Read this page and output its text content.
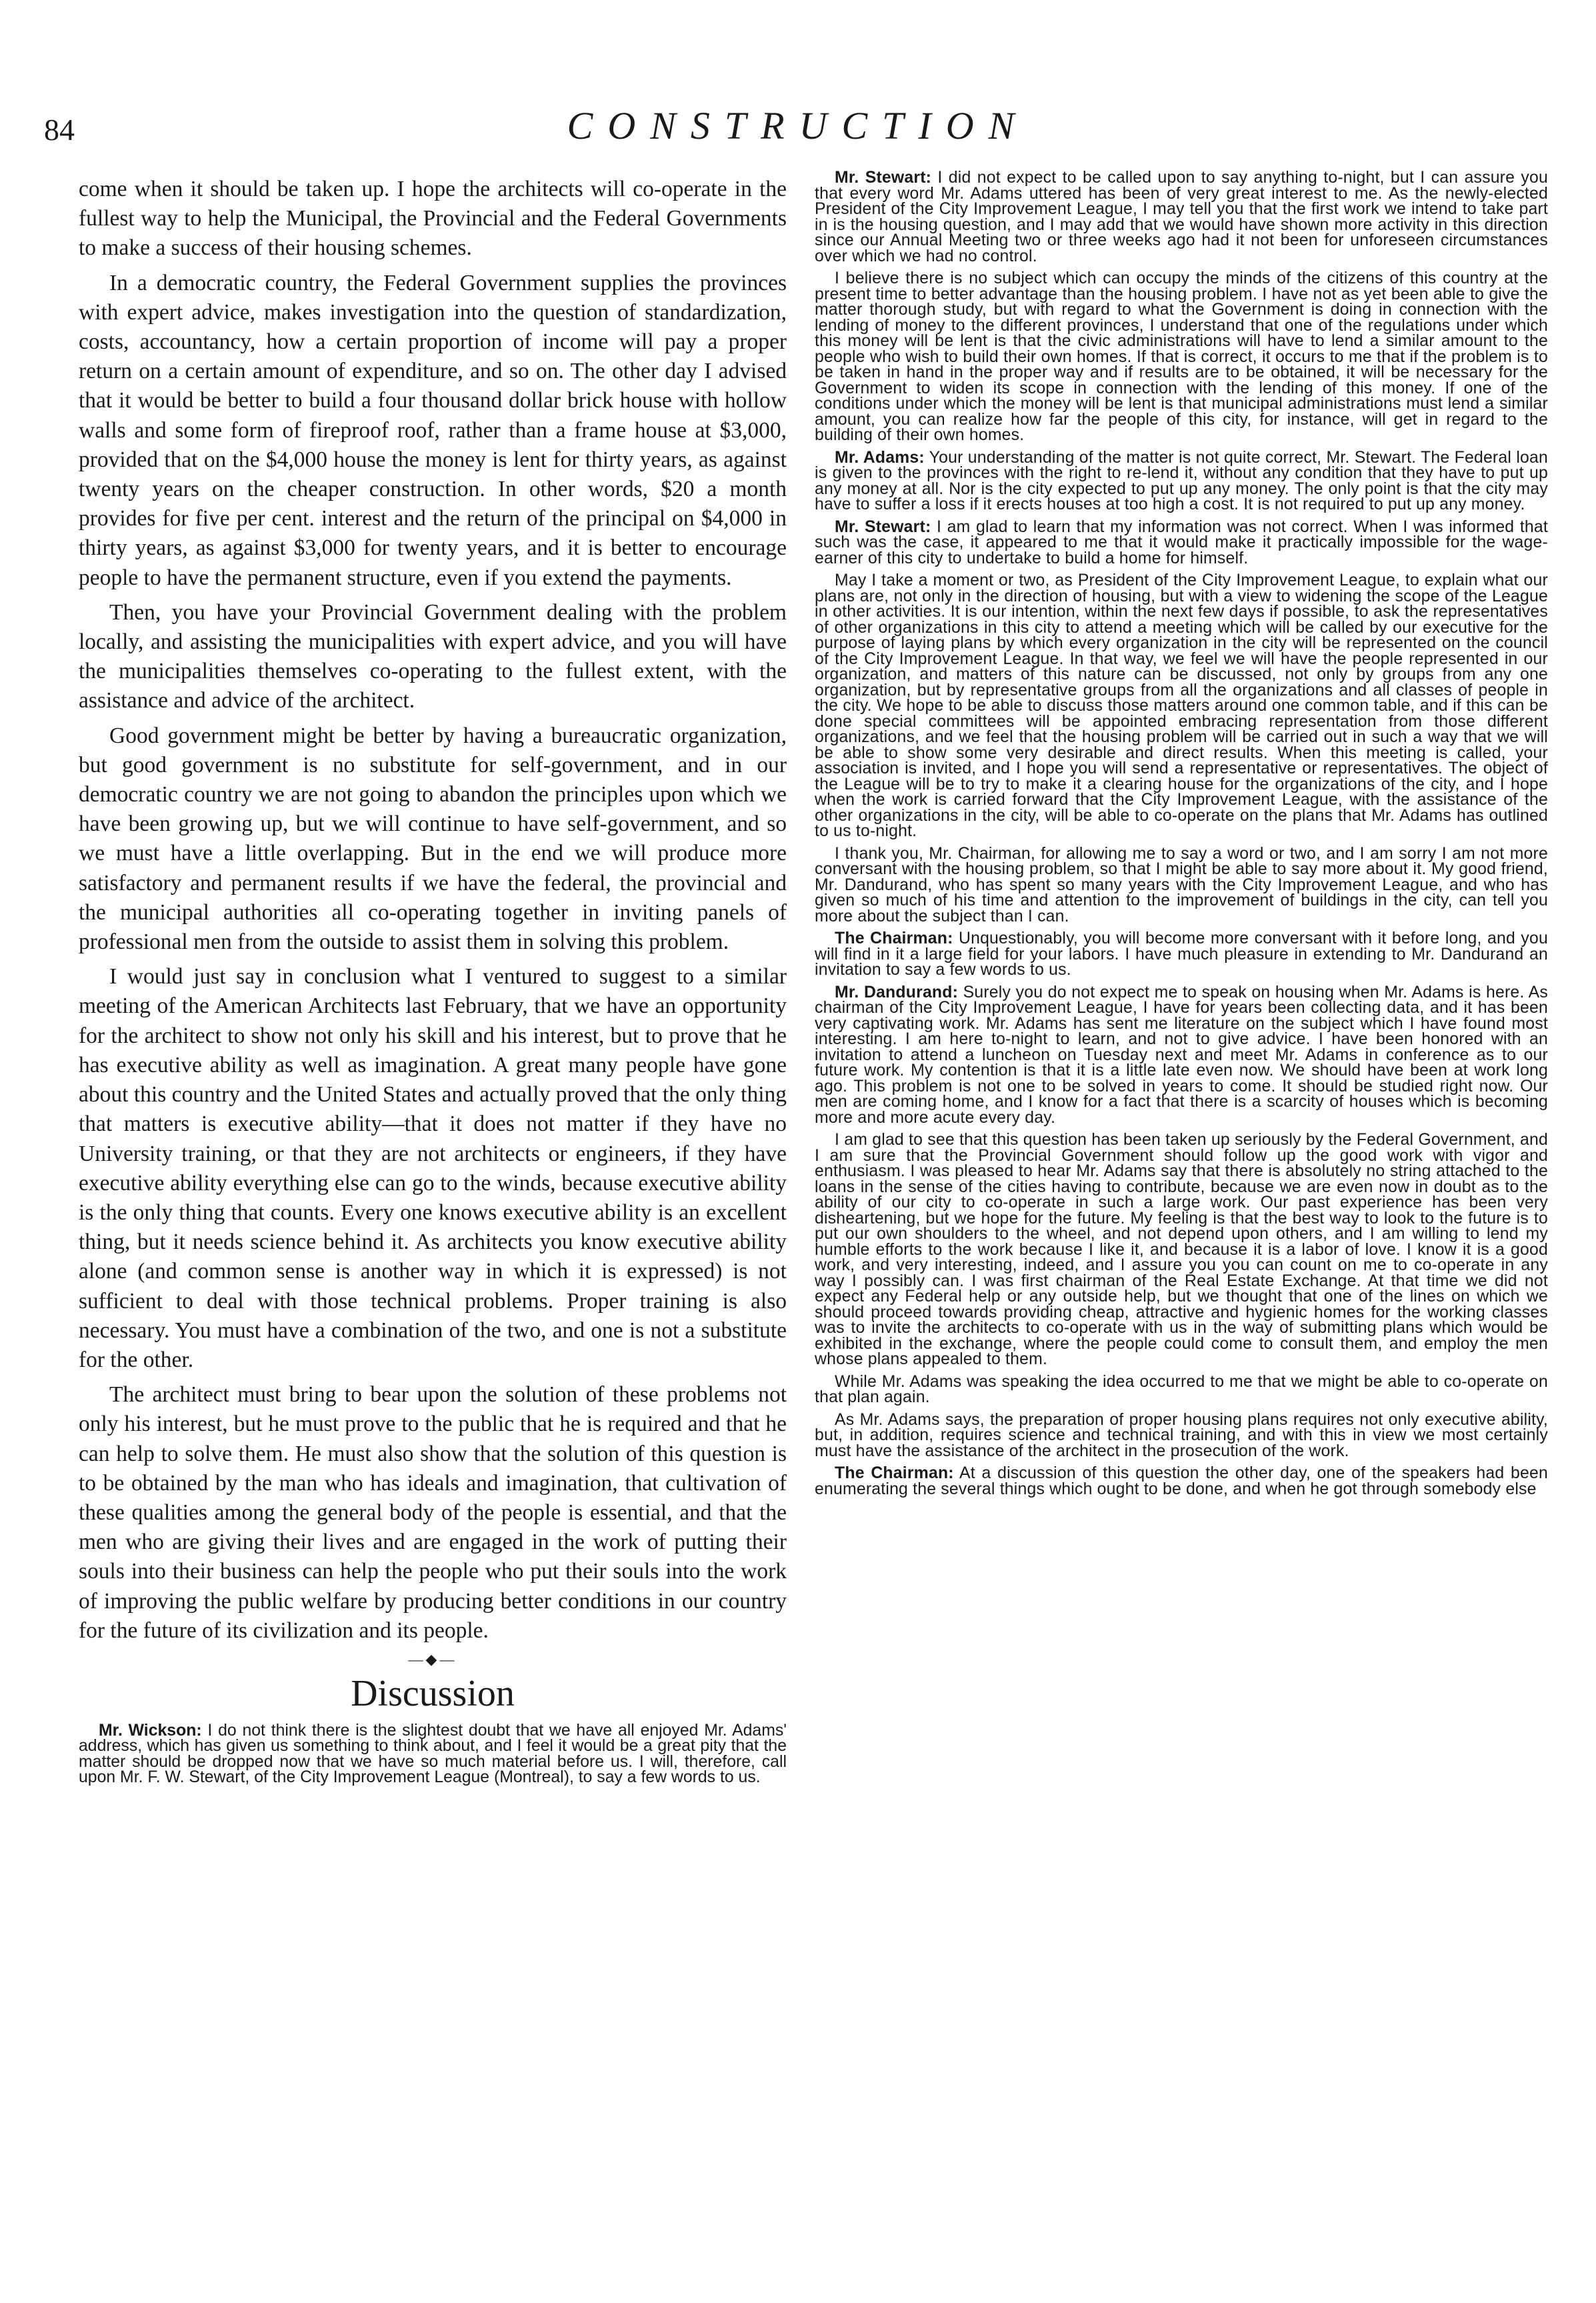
84	CONSTRUCTION

come when it should be taken up. I hope the architects will co-operate in the fullest way to help the Municipal, the Provincial and the Federal Governments to make a success of their housing schemes.

In a democratic country, the Federal Government supplies the provinces with expert advice, makes investigation into the question of standardization, costs, accountancy, how a certain proportion of income will pay a proper return on a certain amount of expenditure, and so on. The other day I advised that it would be better to build a four thousand dollar brick house with hollow walls and some form of fireproof roof, rather than a frame house at $3,000, provided that on the $4,000 house the money is lent for thirty years, as against twenty years on the cheaper construction. In other words, $20 a month provides for five per cent. interest and the return of the principal on $4,000 in thirty years, as against $3,000 for twenty years, and it is better to encourage people to have the permanent structure, even if you extend the payments.

Then, you have your Provincial Government dealing with the problem locally, and assisting the municipalities with expert advice, and you will have the municipalities themselves co-operating to the fullest extent, with the assistance and advice of the architect.

Good government might be better by having a bureaucratic organization, but good government is no substitute for self-government, and in our democratic country we are not going to abandon the principles upon which we have been growing up, but we will continue to have self-government, and so we must have a little overlapping. But in the end we will produce more satisfactory and permanent results if we have the federal, the provincial and the municipal authorities all co-operating together in inviting panels of professional men from the outside to assist them in solving this problem.

I would just say in conclusion what I ventured to suggest to a similar meeting of the American Architects last February, that we have an opportunity for the architect to show not only his skill and his interest, but to prove that he has executive ability as well as imagination. A great many people have gone about this country and the United States and actually proved that the only thing that matters is executive ability—that it does not matter if they have no University training, or that they are not architects or engineers, if they have executive ability everything else can go to the winds, because executive ability is the only thing that counts. Every one knows executive ability is an excellent thing, but it needs science behind it. As architects you know executive ability alone (and common sense is another way in which it is expressed) is not sufficient to deal with those technical problems. Proper training is also necessary. You must have a combination of the two, and one is not a substitute for the other.

The architect must bring to bear upon the solution of these problems not only his interest, but he must prove to the public that he is required and that he can help to solve them. He must also show that the solution of this question is to be obtained by the man who has ideals and imagination, that cultivation of these qualities among the general body of the people is essential, and that the men who are giving their lives and are engaged in the work of putting their souls into their business can help the people who put their souls into the work of improving the public welfare by producing better conditions in our country for the future of its civilization and its people.

—◆—
Discussion

Mr. Wickson: I do not think there is the slightest doubt that we have all enjoyed Mr. Adams' address, which has given us something to think about, and I feel it would be a great pity that the matter should be dropped now that we have so much material before us. I will, therefore, call upon Mr. F. W. Stewart, of the City Improvement League (Montreal), to say a few words to us.

Mr. Stewart: I did not expect to be called upon to say anything to-night, but I can assure you that every word Mr. Adams uttered has been of very great interest to me. As the newly-elected President of the City Improvement League, I may tell you that the first work we intend to take part in is the housing question, and I may add that we would have shown more activity in this direction since our Annual Meeting two or three weeks ago had it not been for unforeseen circumstances over which we had no control.

I believe there is no subject which can occupy the minds of the citizens of this country at the present time to better advantage than the housing problem. I have not as yet been able to give the matter thorough study, but with regard to what the Government is doing in connection with the lending of money to the different provinces, I understand that one of the regulations under which this money will be lent is that the civic administrations will have to lend a similar amount to the people who wish to build their own homes. If that is correct, it occurs to me that if the problem is to be taken in hand in the proper way and if results are to be obtained, it will be necessary for the Government to widen its scope in connection with the lending of this money. If one of the conditions under which the money will be lent is that municipal administrations must lend a similar amount, you can realize how far the people of this city, for instance, will get in regard to the building of their own homes.

Mr. Adams: Your understanding of the matter is not quite correct, Mr. Stewart. The Federal loan is given to the provinces with the right to re-lend it, without any condition that they have to put up any money at all. Nor is the city expected to put up any money. The only point is that the city may have to suffer a loss if it erects houses at too high a cost. It is not required to put up any money.

Mr. Stewart: I am glad to learn that my information was not correct. When I was informed that such was the case, it appeared to me that it would make it practically impossible for the wage-earner of this city to undertake to build a home for himself.

May I take a moment or two, as President of the City Improvement League, to explain what our plans are, not only in the direction of housing, but with a view to widening the scope of the League in other activities. It is our intention, within the next few days if possible, to ask the representatives of other organizations in this city to attend a meeting which will be called by our executive for the purpose of laying plans by which every organization in the city will be represented on the council of the City Improvement League. In that way, we feel we will have the people represented in our organization, and matters of this nature can be discussed, not only by groups from any one organization, but by representative groups from all the organizations and all classes of people in the city. We hope to be able to discuss those matters around one common table, and if this can be done special committees will be appointed embracing representation from those different organizations, and we feel that the housing problem will be carried out in such a way that we will be able to show some very desirable and direct results. When this meeting is called, your association is invited, and I hope you will send a representative or representatives. The object of the League will be to try to make it a clearing house for the organizations of the city, and I hope when the work is carried forward that the City Improvement League, with the assistance of the other organizations in the city, will be able to co-operate on the plans that Mr. Adams has outlined to us to-night.

I thank you, Mr. Chairman, for allowing me to say a word or two, and I am sorry I am not more conversant with the housing problem, so that I might be able to say more about it. My good friend, Mr. Dandurand, who has spent so many years with the City Improvement League, and who has given so much of his time and attention to the improvement of buildings in the city, can tell you more about the subject than I can.

The Chairman: Unquestionably, you will become more conversant with it before long, and you will find in it a large field for your labors. I have much pleasure in extending to Mr. Dandurand an invitation to say a few words to us.

Mr. Dandurand: Surely you do not expect me to speak on housing when Mr. Adams is here. As chairman of the City Improvement League, I have for years been collecting data, and it has been very captivating work. Mr. Adams has sent me literature on the subject which I have found most interesting. I am here to-night to learn, and not to give advice. I have been honored with an invitation to attend a luncheon on Tuesday next and meet Mr. Adams in conference as to our future work. My contention is that it is a little late even now. We should have been at work long ago. This problem is not one to be solved in years to come. It should be studied right now. Our men are coming home, and I know for a fact that there is a scarcity of houses which is becoming more and more acute every day.

I am glad to see that this question has been taken up seriously by the Federal Government, and I am sure that the Provincial Government should follow up the good work with vigor and enthusiasm. I was pleased to hear Mr. Adams say that there is absolutely no string attached to the loans in the sense of the cities having to contribute, because we are even now in doubt as to the ability of our city to co-operate in such a large work. Our past experience has been very disheartening, but we hope for the future. My feeling is that the best way to look to the future is to put our own shoulders to the wheel, and not depend upon others, and I am willing to lend my humble efforts to the work because I like it, and because it is a labor of love. I know it is a good work, and very interesting, indeed, and I assure you you can count on me to co-operate in any way I possibly can. I was first chairman of the Real Estate Exchange. At that time we did not expect any Federal help or any outside help, but we thought that one of the lines on which we should proceed towards providing cheap, attractive and hygienic homes for the working classes was to invite the architects to co-operate with us in the way of submitting plans which would be exhibited in the exchange, where the people could come to consult them, and employ the men whose plans appealed to them.

While Mr. Adams was speaking the idea occurred to me that we might be able to co-operate on that plan again.

As Mr. Adams says, the preparation of proper housing plans requires not only executive ability, but, in addition, requires science and technical training, and with this in view we most certainly must have the assistance of the architect in the prosecution of the work.

The Chairman: At a discussion of this question the other day, one of the speakers had been enumerating the several things which ought to be done, and when he got through somebody else
